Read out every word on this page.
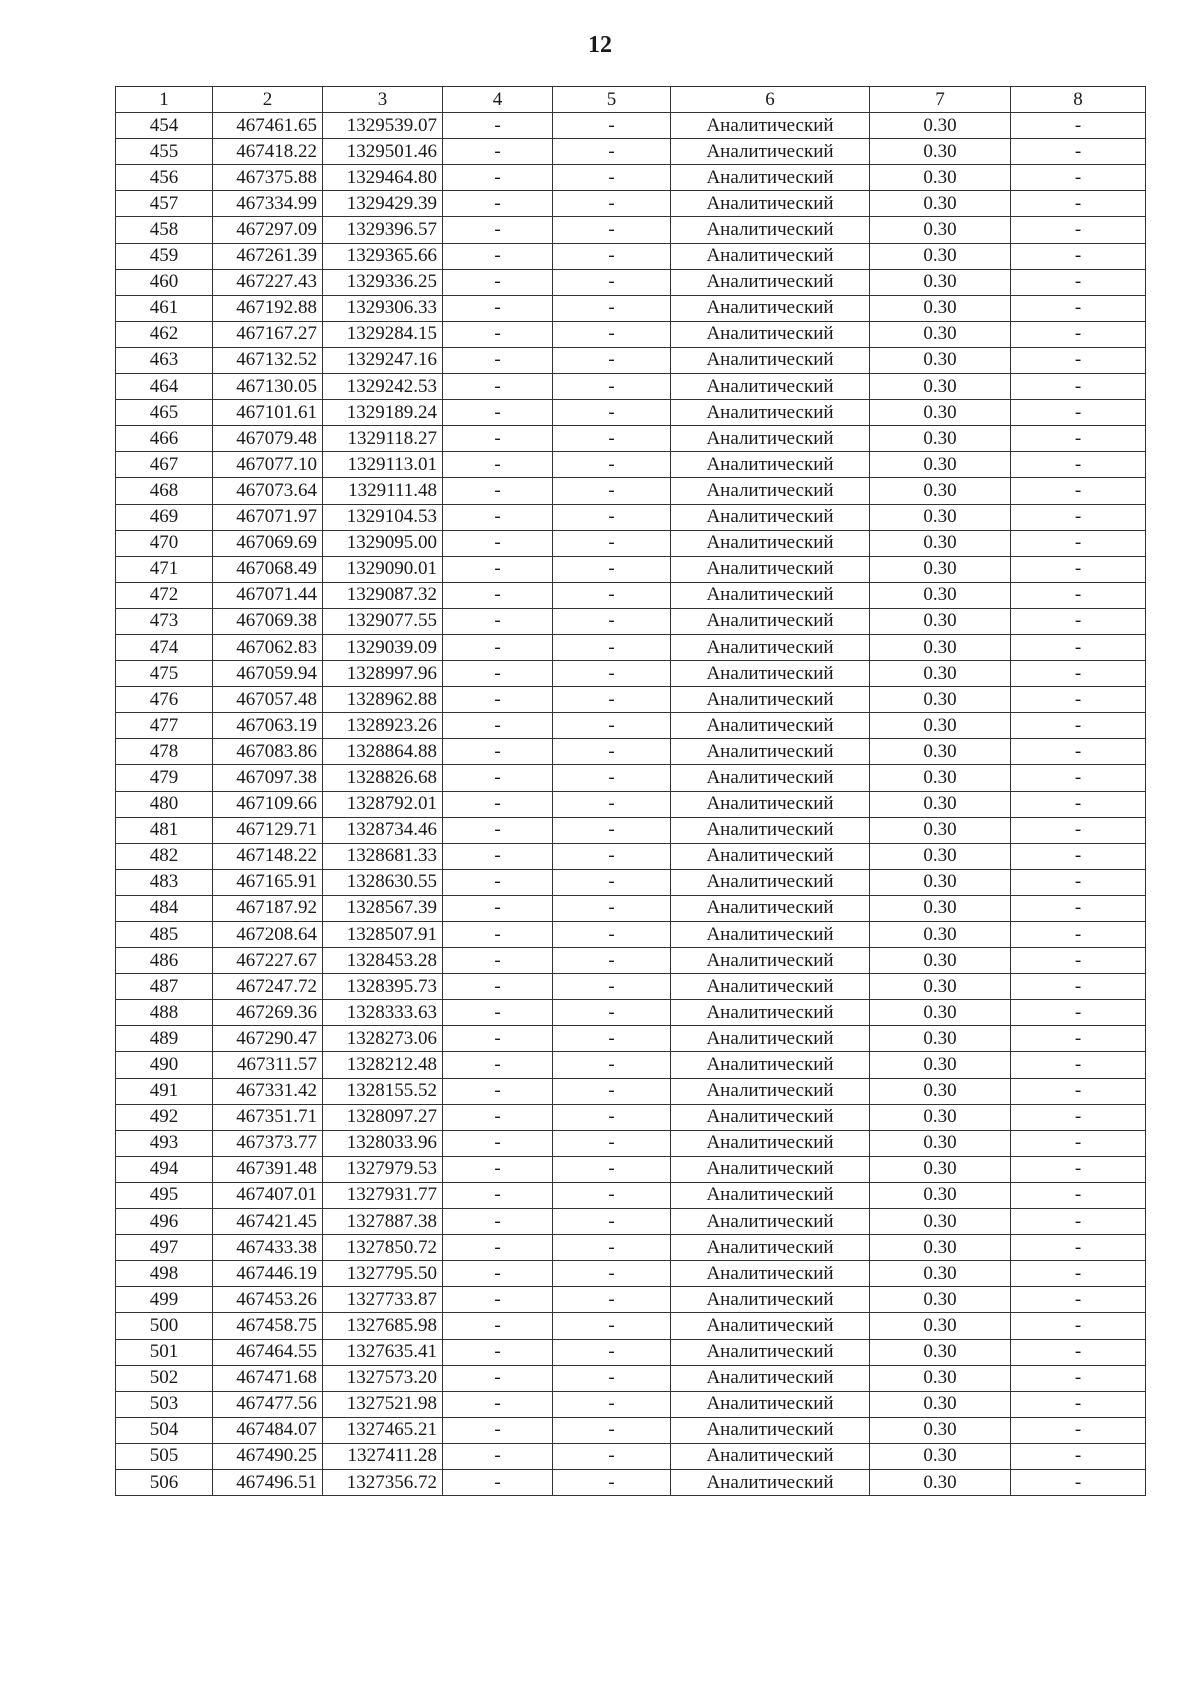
12
1	2	3	4	5	6	7	8
454	467461.65	1329539.07	-	-	Аналитический	0.30	-
455	467418.22	1329501.46	-	-	Аналитический	0.30	-
456	467375.88	1329464.80	-	-	Аналитический	0.30	-
457	467334.99	1329429.39	-	-	Аналитический	0.30	-
458	467297.09	1329396.57	-	-	Аналитический	0.30	-
459	467261.39	1329365.66	-	-	Аналитический	0.30	-
460	467227.43	1329336.25	-	-	Аналитический	0.30	-
461	467192.88	1329306.33	-	-	Аналитический	0.30	-
462	467167.27	1329284.15	-	-	Аналитический	0.30	-
463	467132.52	1329247.16	-	-	Аналитический	0.30	-
464	467130.05	1329242.53	-	-	Аналитический	0.30	-
465	467101.61	1329189.24	-	-	Аналитический	0.30	-
466	467079.48	1329118.27	-	-	Аналитический	0.30	-
467	467077.10	1329113.01	-	-	Аналитический	0.30	-
468	467073.64	1329111.48	-	-	Аналитический	0.30	-
469	467071.97	1329104.53	-	-	Аналитический	0.30	-
470	467069.69	1329095.00	-	-	Аналитический	0.30	-
471	467068.49	1329090.01	-	-	Аналитический	0.30	-
472	467071.44	1329087.32	-	-	Аналитический	0.30	-
473	467069.38	1329077.55	-	-	Аналитический	0.30	-
474	467062.83	1329039.09	-	-	Аналитический	0.30	-
475	467059.94	1328997.96	-	-	Аналитический	0.30	-
476	467057.48	1328962.88	-	-	Аналитический	0.30	-
477	467063.19	1328923.26	-	-	Аналитический	0.30	-
478	467083.86	1328864.88	-	-	Аналитический	0.30	-
479	467097.38	1328826.68	-	-	Аналитический	0.30	-
480	467109.66	1328792.01	-	-	Аналитический	0.30	-
481	467129.71	1328734.46	-	-	Аналитический	0.30	-
482	467148.22	1328681.33	-	-	Аналитический	0.30	-
483	467165.91	1328630.55	-	-	Аналитический	0.30	-
484	467187.92	1328567.39	-	-	Аналитический	0.30	-
485	467208.64	1328507.91	-	-	Аналитический	0.30	-
486	467227.67	1328453.28	-	-	Аналитический	0.30	-
487	467247.72	1328395.73	-	-	Аналитический	0.30	-
488	467269.36	1328333.63	-	-	Аналитический	0.30	-
489	467290.47	1328273.06	-	-	Аналитический	0.30	-
490	467311.57	1328212.48	-	-	Аналитический	0.30	-
491	467331.42	1328155.52	-	-	Аналитический	0.30	-
492	467351.71	1328097.27	-	-	Аналитический	0.30	-
493	467373.77	1328033.96	-	-	Аналитический	0.30	-
494	467391.48	1327979.53	-	-	Аналитический	0.30	-
495	467407.01	1327931.77	-	-	Аналитический	0.30	-
496	467421.45	1327887.38	-	-	Аналитический	0.30	-
497	467433.38	1327850.72	-	-	Аналитический	0.30	-
498	467446.19	1327795.50	-	-	Аналитический	0.30	-
499	467453.26	1327733.87	-	-	Аналитический	0.30	-
500	467458.75	1327685.98	-	-	Аналитический	0.30	-
501	467464.55	1327635.41	-	-	Аналитический	0.30	-
502	467471.68	1327573.20	-	-	Аналитический	0.30	-
503	467477.56	1327521.98	-	-	Аналитический	0.30	-
504	467484.07	1327465.21	-	-	Аналитический	0.30	-
505	467490.25	1327411.28	-	-	Аналитический	0.30	-
506	467496.51	1327356.72	-	-	Аналитический	0.30	-
